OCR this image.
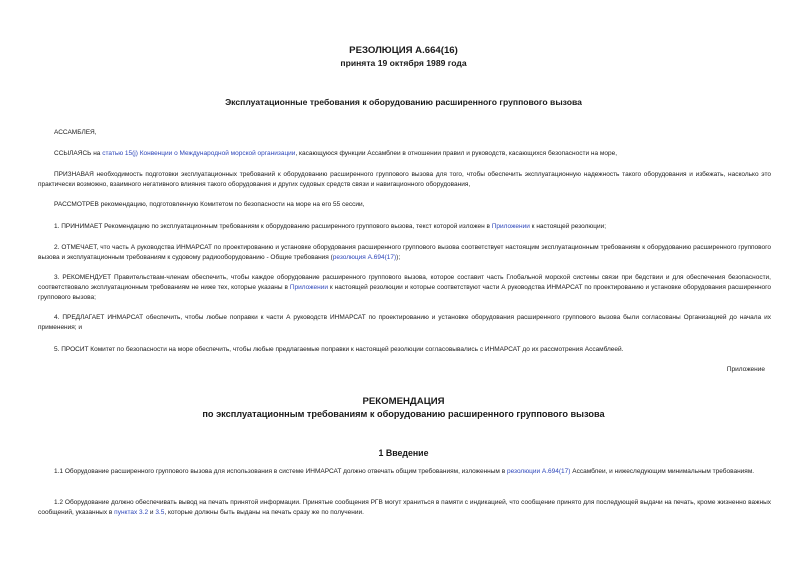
РЕЗОЛЮЦИЯ А.664(16)
принята 19 октября 1989 года
Эксплуатационные требования к оборудованию расширенного группового вызова

АССАМБЛЕЯ,

ССЫЛАЯСЬ на статью 15(j) Конвенции о Международной морской организации, касающуюся функции Ассамблеи в отношении правил и руководств, касающихся безопасности на море,

ПРИЗНАВАЯ необходимость подготовки эксплуатационных требований к оборудованию расширенного группового вызова для того, чтобы обеспечить эксплуатационную надежность такого оборудования и избежать, насколько это практически возможно, взаимного негативного влияния такого оборудования и других судовых средств связи и навигационного оборудования,

РАССМОТРЕВ рекомендацию, подготовленную Комитетом по безопасности на море на его 55 сессии,

1. ПРИНИМАЕТ Рекомендацию по эксплуатационным требованиям к оборудованию расширенного группового вызова, текст которой изложен в Приложении к настоящей резолюции;

2. ОТМЕЧАЕТ, что часть А руководства ИНМАРСАТ по проектированию и установке оборудования расширенного группового вызова соответствует настоящим эксплуатационным требованиям к оборудованию расширенного группового вызова и эксплуатационным требованиям к судовому радиооборудованию - Общие требования (резолюция А.694(17));

3. РЕКОМЕНДУЕТ Правительствам-членам обеспечить, чтобы каждое оборудование расширенного группового вызова, которое составит часть Глобальной морской системы связи при бедствии и для обеспечения безопасности, соответствовало эксплуатационным требованиям не ниже тех, которые указаны в Приложении к настоящей резолюции и которые соответствуют части А руководства ИНМАРСАТ по проектированию и установке оборудования расширенного группового вызова;

4. ПРЕДЛАГАЕТ ИНМАРСАТ обеспечить, чтобы любые поправки к части А руководств ИНМАРСАТ по проектированию и установке оборудования расширенного группового вызова были согласованы Организацией до начала их применения; и

5. ПРОСИТ Комитет по безопасности на море обеспечить, чтобы любые предлагаемые поправки к настоящей резолюции согласовывались с ИНМАРСАТ до их рассмотрения Ассамблеей.

Приложение

РЕКОМЕНДАЦИЯ
по эксплуатационным требованиям к оборудованию расширенного группового вызова
1 Введение

1.1 Оборудование расширенного группового вызова для использования в системе ИНМАРСАТ должно отвечать общим требованиям, изложенным в резолюции А.694(17) Ассамблеи, и нижеследующим минимальным требованиям.

1.2 Оборудование должно обеспечивать вывод на печать принятой информации. Принятые сообщения РГВ могут храниться в памяти с индикацией, что сообщение принято для последующей выдачи на печать, кроме жизненно важных сообщений, указанных в пунктах 3.2 и 3.5, которые должны быть выданы на печать сразу же по получении.
